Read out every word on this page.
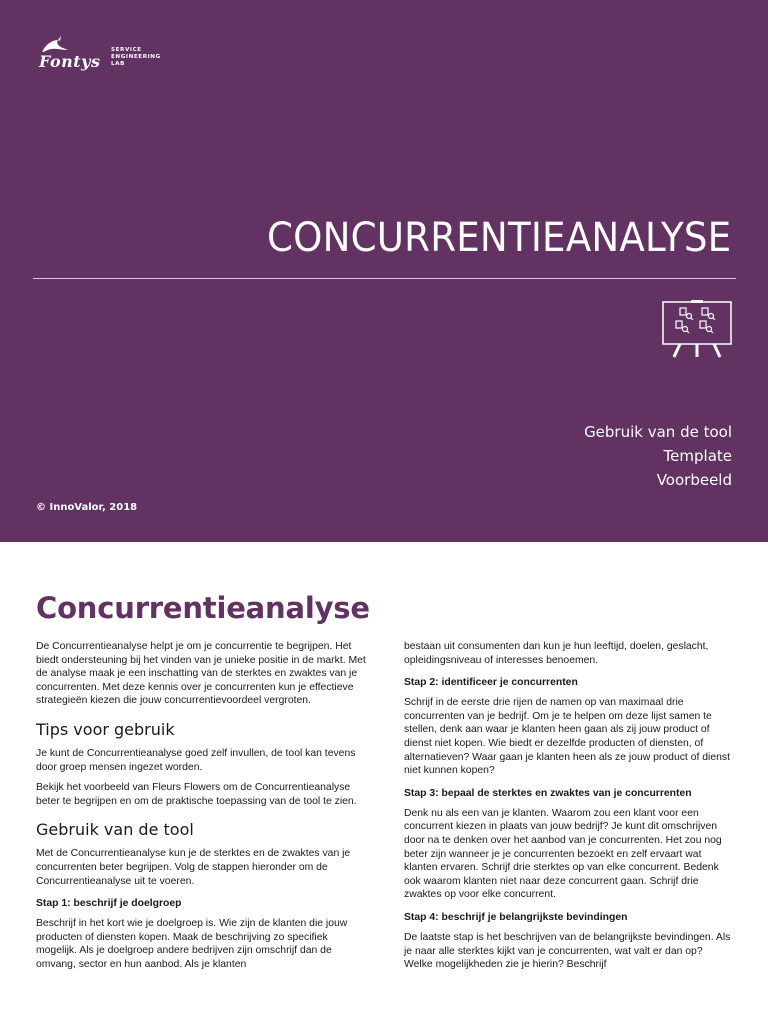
Fontys
SERVICE
ENGINEERING
LAB
CONCURRENTIEANALYSE
Gebruik van de tool
Template
Voorbeeld
© InnoValor, 2018
Concurrentieanalyse

De Concurrentieanalyse helpt je om je concurrentie te begrijpen. Het biedt ondersteuning bij het vinden van je unieke positie in de markt. Met de analyse maak je een inschatting van de sterktes en zwaktes van je concurrenten. Met deze kennis over je concurrenten kun je effectieve strategieën kiezen die jouw concurrentievoordeel vergroten.

Tips voor gebruik

Je kunt de Concurrentieanalyse goed zelf invullen, de tool kan tevens door groep mensen ingezet worden.

Bekijk het voorbeeld van Fleurs Flowers om de Concurrentieanalyse beter te begrijpen en om de praktische toepassing van de tool te zien.

Gebruik van de tool

Met de Concurrentieanalyse kun je de sterktes en de zwaktes van je concurrenten beter begrijpen. Volg de stappen hieronder om de Concurrentieanalyse uit te voeren.

Stap 1: beschrijf je doelgroep

Beschrijf in het kort wie je doelgroep is. Wie zijn de klanten die jouw producten of diensten kopen. Maak de beschrijving zo specifiek mogelijk. Als je doelgroep andere bedrijven zijn omschrijf dan de omvang, sector en hun aanbod. Als je klanten

bestaan uit consumenten dan kun je hun leeftijd, doelen, geslacht, opleidingsniveau of interesses benoemen.

Stap 2: identificeer je concurrenten

Schrijf in de eerste drie rijen de namen op van maximaal drie concurrenten van je bedrijf. Om je te helpen om deze lijst samen te stellen, denk aan waar je klanten heen gaan als zij jouw product of dienst niet kopen. Wie biedt er dezelfde producten of diensten, of alternatieven? Waar gaan je klanten heen als ze jouw product of dienst niet kunnen kopen?

Stap 3: bepaal de sterktes en zwaktes van je concurrenten

Denk nu als een van je klanten. Waarom zou een klant voor een concurrent kiezen in plaats van jouw bedrijf? Je kunt dit omschrijven door na te denken over het aanbod van je concurrenten. Het zou nog beter zijn wanneer je je concurrenten bezoekt en zelf ervaart wat klanten ervaren. Schrijf drie sterktes op van elke concurrent. Bedenk ook waarom klanten niet naar deze concurrent gaan. Schrijf drie zwaktes op voor elke concurrent.

Stap 4: beschrijf je belangrijkste bevindingen

De laatste stap is het beschrijven van de belangrijkste bevindingen. Als je naar alle sterktes kijkt van je concurrenten, wat valt er dan op? Welke mogelijkheden zie je hierin? Beschrijf
